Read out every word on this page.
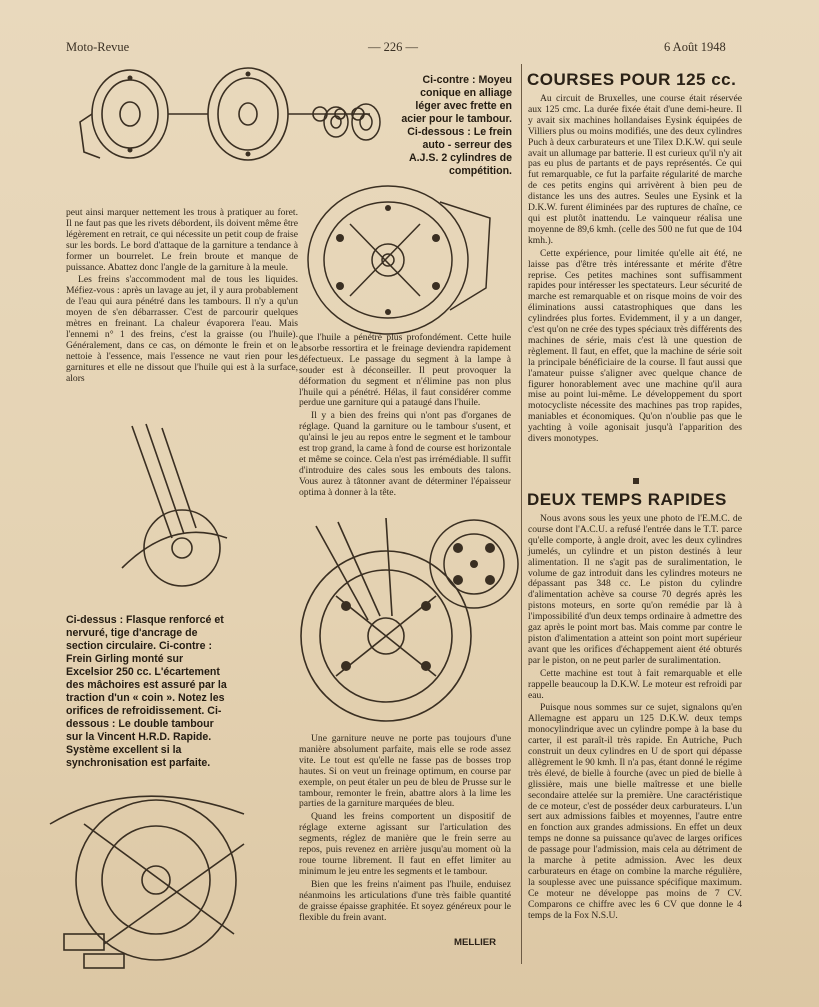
Moto-Revue	— 226 —	6 Août 1948

Ci-contre : Moyeu conique en alliage léger avec frette en acier pour le tambour. Ci-dessous : Le frein auto - serreur des A.J.S. 2 cylindres de compétition.

peut ainsi marquer nettement les trous à pratiquer au foret. Il ne faut pas que les rivets débordent, ils doivent même être légèrement en retrait, ce qui nécessite un petit coup de fraise sur les bords. Le bord d'attaque de la garniture a tendance à former un bourrelet. Le frein broute et manque de puissance. Abattez donc l'angle de la garniture à la meule.

Les freins s'accommodent mal de tous les liquides. Méfiez-vous : après un lavage au jet, il y aura probablement de l'eau qui aura pénétré dans les tambours. Il n'y a qu'un moyen de s'en débarrasser. C'est de parcourir quelques mètres en freinant. La chaleur évaporera l'eau. Mais l'ennemi n° 1 des freins, c'est la graisse (ou l'huile). Généralement, dans ce cas, on démonte le frein et on le nettoie à l'essence, mais l'essence ne vaut rien pour les garnitures et elle ne dissout que l'huile qui est à la surface, alors

que l'huile a pénétré plus profondément. Cette huile absorbe ressortira et le freinage deviendra rapidement défectueux. Le passage du segment à la lampe à souder est à déconseiller. Il peut provoquer la déformation du segment et n'élimine pas non plus l'huile qui a pénétré. Hélas, il faut considérer comme perdue une garniture qui a pataugé dans l'huile.

Il y a bien des freins qui n'ont pas d'organes de réglage. Quand la garniture ou le tambour s'usent, et qu'ainsi le jeu au repos entre le segment et le tambour est trop grand, la came à fond de course est horizontale et même se coince. Cela n'est pas irrémédiable. Il suffit d'introduire des cales sous les embouts des talons. Vous aurez à tâtonner avant de déterminer l'épaisseur optima à donner à la tête.

Ci-dessus : Flasque renforcé et nervuré, tige d'ancrage de section circulaire. Ci-contre : Frein Girling monté sur Excelsior 250 cc. L'écartement des mâchoires est assuré par la traction d'un « coin ». Notez les orifices de refroidissement. Ci-dessous : Le double tambour sur la Vincent H.R.D. Rapide. Système excellent si la synchronisation est parfaite.

Une garniture neuve ne porte pas toujours d'une manière absolument parfaite, mais elle se rode assez vite. Le tout est qu'elle ne fasse pas de bosses trop hautes. Si on veut un freinage optimum, en course par exemple, on peut étaler un peu de bleu de Prusse sur le tambour, remonter le frein, abattre alors à la lime les parties de la garniture marquées de bleu.

Quand les freins comportent un dispositif de réglage externe agissant sur l'articulation des segments, réglez de manière que le frein serre au repos, puis revenez en arrière jusqu'au moment où la roue tourne librement. Il faut en effet limiter au minimum le jeu entre les segments et le tambour.

Bien que les freins n'aiment pas l'huile, enduisez néanmoins les articulations d'une très faible quantité de graisse épaisse graphitée. Et soyez généreux pour le flexible du frein avant.

MELLIER
COURSES POUR 125 cc.

Au circuit de Bruxelles, une course était réservée aux 125 cmc. La durée fixée était d'une demi-heure. Il y avait six machines hollandaises Eysink équipées de Villiers plus ou moins modifiés, une des deux cylindres Puch à deux carburateurs et une Tilex D.K.W. qui seule avait un allumage par batterie. Il est curieux qu'il n'y ait pas eu plus de partants et de pays représentés. Ce qui fut remarquable, ce fut la parfaite régularité de marche de ces petits engins qui arrivèrent à bien peu de distance les uns des autres. Seules une Eysink et la D.K.W. furent éliminées par des ruptures de chaîne, ce qui est plutôt inattendu. Le vainqueur réalisa une moyenne de 89,6 kmh. (celle des 500 ne fut que de 104 kmh.).

Cette expérience, pour limitée qu'elle ait été, ne laisse pas d'être très intéressante et mérite d'être reprise. Ces petites machines sont suffisamment rapides pour intéresser les spectateurs. Leur sécurité de marche est remarquable et on risque moins de voir des éliminations aussi catastrophiques que dans les cylindrées plus fortes. Evidemment, il y a un danger, c'est qu'on ne crée des types spéciaux très différents des machines de série, mais c'est là une question de règlement. Il faut, en effet, que la machine de série soit la principale bénéficiaire de la course. Il faut aussi que l'amateur puisse s'aligner avec quelque chance de figurer honorablement avec une machine qu'il aura mise au point lui-même. Le développement du sport motocycliste nécessite des machines pas trop rapides, maniables et économiques. Qu'on n'oublie pas que le yachting à voile agonisait jusqu'à l'apparition des divers monotypes.

DEUX TEMPS RAPIDES

Nous avons sous les yeux une photo de l'E.M.C. de course dont l'A.C.U. a refusé l'entrée dans le T.T. parce qu'elle comporte, à angle droit, avec les deux cylindres jumelés, un cylindre et un piston destinés à leur alimentation. Il ne s'agit pas de suralimentation, le volume de gaz introduit dans les cylindres moteurs ne dépassant pas 348 cc. Le piston du cylindre d'alimentation achève sa course 70 degrés après les pistons moteurs, en sorte qu'on remédie par là à l'impossibilité d'un deux temps ordinaire à admettre des gaz après le point mort bas. Mais comme par contre le piston d'alimentation a atteint son point mort supérieur avant que les orifices d'échappement aient été obturés par le piston, on ne peut parler de suralimentation.

Cette machine est tout à fait remarquable et elle rappelle beaucoup la D.K.W. Le moteur est refroidi par eau.

Puisque nous sommes sur ce sujet, signalons qu'en Allemagne est apparu un 125 D.K.W. deux temps monocylindrique avec un cylindre pompe à la base du carter, il est paraît-il très rapide. En Autriche, Puch construit un deux cylindres en U de sport qui dépasse allègrement le 90 kmh. Il n'a pas, étant donné le régime très élevé, de bielle à fourche (avec un pied de bielle à glissière, mais une bielle maîtresse et une bielle secondaire attelée sur la première. Une caractéristique de ce moteur, c'est de posséder deux carburateurs. L'un sert aux admissions faibles et moyennes, l'autre entre en fonction aux grandes admissions. En effet un deux temps ne donne sa puissance qu'avec de larges orifices de passage pour l'admission, mais cela au détriment de la marche à petite admission. Avec les deux carburateurs en étage on combine la marche régulière, la souplesse avec une puissance spécifique maximum. Ce moteur ne développe pas moins de 7 CV. Comparons ce chiffre avec les 6 CV que donne le 4 temps de la Fox N.S.U.
